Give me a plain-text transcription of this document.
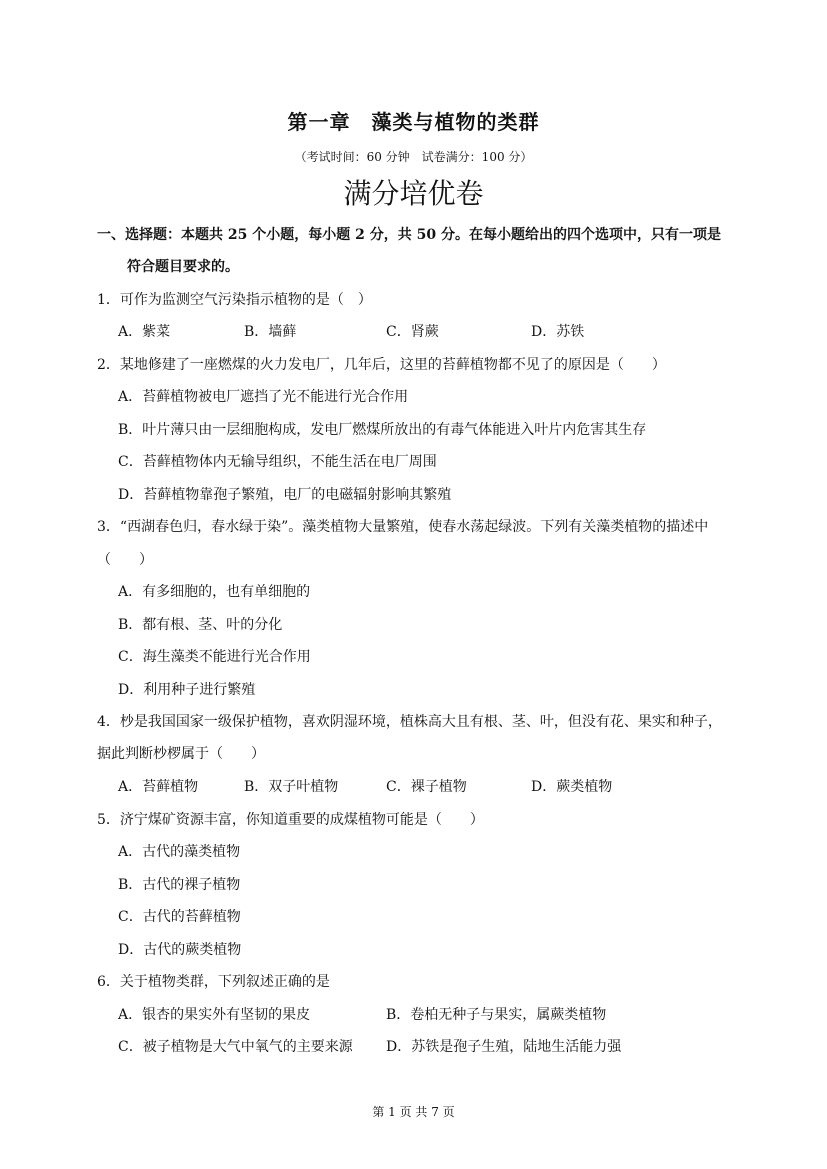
第一章　藻类与植物的类群
（考试时间：60 分钟　试卷满分：100 分）
满分培优卷
一、选择题：本题共 25 个小题，每小题 2 分，共 50 分。在每小题给出的四个选项中，只有一项是
符合题目要求的。
1．可作为监测空气污染指示植物的是（　）
A．紫菜	B．墙藓	C．肾蕨	D．苏铁
2．某地修建了一座燃煤的火力发电厂，几年后，这里的苔藓植物都不见了的原因是（　　）
A．苔藓植物被电厂遮挡了光不能进行光合作用
B．叶片薄只由一层细胞构成，发电厂燃煤所放出的有毒气体能进入叶片内危害其生存
C．苔藓植物体内无输导组织，不能生活在电厂周围
D．苔藓植物靠孢子繁殖，电厂的电磁辐射影响其繁殖
3．“西湖春色归，春水绿于染”。藻类植物大量繁殖，使春水荡起绿波。下列有关藻类植物的描述中
（　　）
A．有多细胞的，也有单细胞的
B．都有根、茎、叶的分化
C．海生藻类不能进行光合作用
D．利用种子进行繁殖
4．杪是我国国家一级保护植物，喜欢阴湿环境，植株高大且有根、茎、叶，但没有花、果实和种子，
据此判断杪椤属于（　　）
A．苔藓植物	B．双子叶植物	C．裸子植物	D．蕨类植物
5．济宁煤矿资源丰富，你知道重要的成煤植物可能是（　　）
A．古代的藻类植物
B．古代的裸子植物
C．古代的苔藓植物
D．古代的蕨类植物
6．关于植物类群，下列叙述正确的是
A．银杏的果实外有坚韧的果皮	B．卷柏无种子与果实，属蕨类植物
C．被子植物是大气中氧气的主要来源 D．苏铁是孢子生殖，陆地生活能力强
第 1 页 共 7 页
